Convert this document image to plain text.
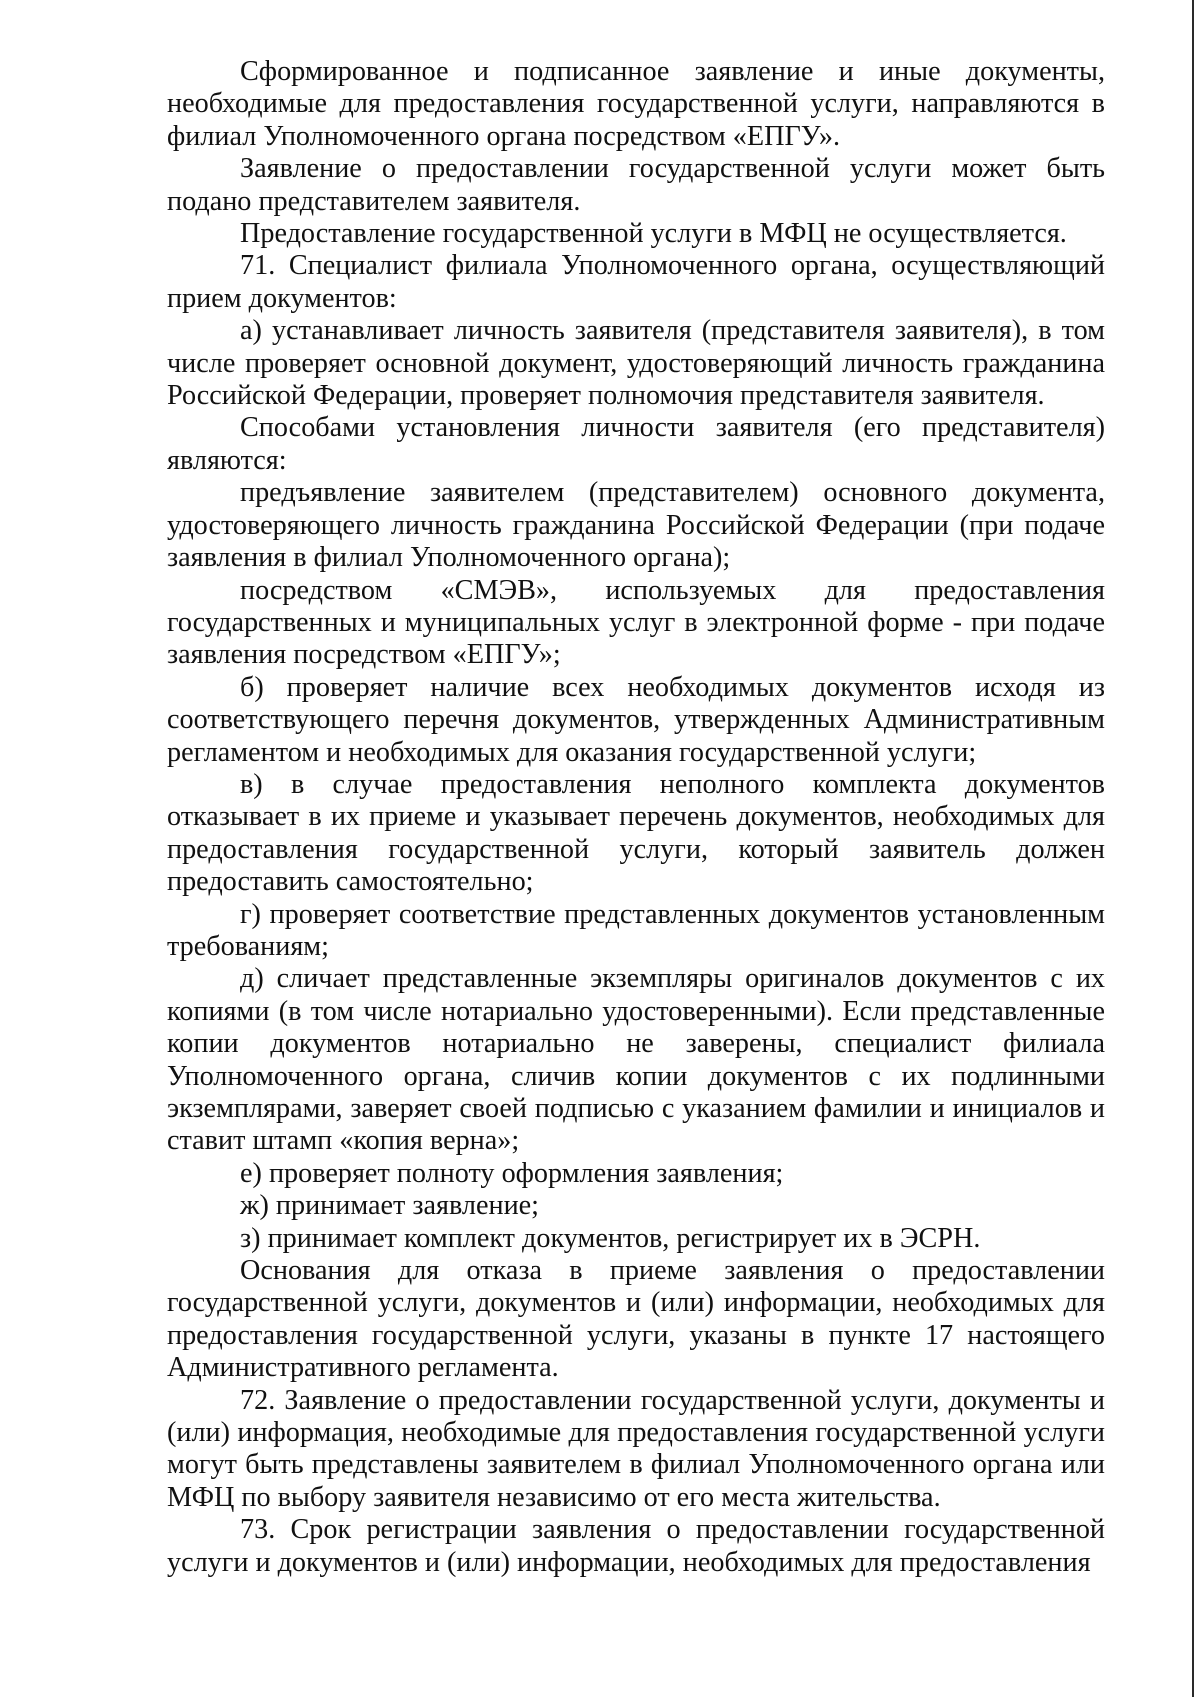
Сформированное и подписанное заявление и иные документы, необходимые для предоставления государственной услуги, направляются в филиал Уполномоченного органа посредством «ЕПГУ».

Заявление о предоставлении государственной услуги может быть подано представителем заявителя.

Предоставление государственной услуги в МФЦ не осуществляется.

71. Специалист филиала Уполномоченного органа, осуществляющий прием документов:

а) устанавливает личность заявителя (представителя заявителя), в том числе проверяет основной документ, удостоверяющий личность гражданина Российской Федерации, проверяет полномочия представителя заявителя.

Способами установления личности заявителя (его представителя) являются:

предъявление заявителем (представителем) основного документа, удостоверяющего личность гражданина Российской Федерации (при подаче заявления в филиал Уполномоченного органа);

посредством «СМЭВ», используемых для предоставления государственных и муниципальных услуг в электронной форме - при подаче заявления посредством «ЕПГУ»;

б) проверяет наличие всех необходимых документов исходя из соответствующего перечня документов, утвержденных Административным регламентом и необходимых для оказания государственной услуги;

в) в случае предоставления неполного комплекта документов отказывает в их приеме и указывает перечень документов, необходимых для предоставления государственной услуги, который заявитель должен предоставить самостоятельно;

г) проверяет соответствие представленных документов установленным требованиям;

д) сличает представленные экземпляры оригиналов документов с их копиями (в том числе нотариально удостоверенными). Если представленные копии документов нотариально не заверены, специалист филиала Уполномоченного органа, сличив копии документов с их подлинными экземплярами, заверяет своей подписью с указанием фамилии и инициалов и ставит штамп «копия верна»;

е) проверяет полноту оформления заявления;

ж) принимает заявление;

з) принимает комплект документов, регистрирует их в ЭСРН.

Основания для отказа в приеме заявления о предоставлении государственной услуги, документов и (или) информации, необходимых для предоставления государственной услуги, указаны в пункте 17 настоящего Административного регламента.

72. Заявление о предоставлении государственной услуги, документы и (или) информация, необходимые для предоставления государственной услуги могут быть представлены заявителем в филиал Уполномоченного органа или МФЦ по выбору заявителя независимо от его места жительства.

73. Срок регистрации заявления о предоставлении государственной услуги и документов и (или) информации, необходимых для предоставления
